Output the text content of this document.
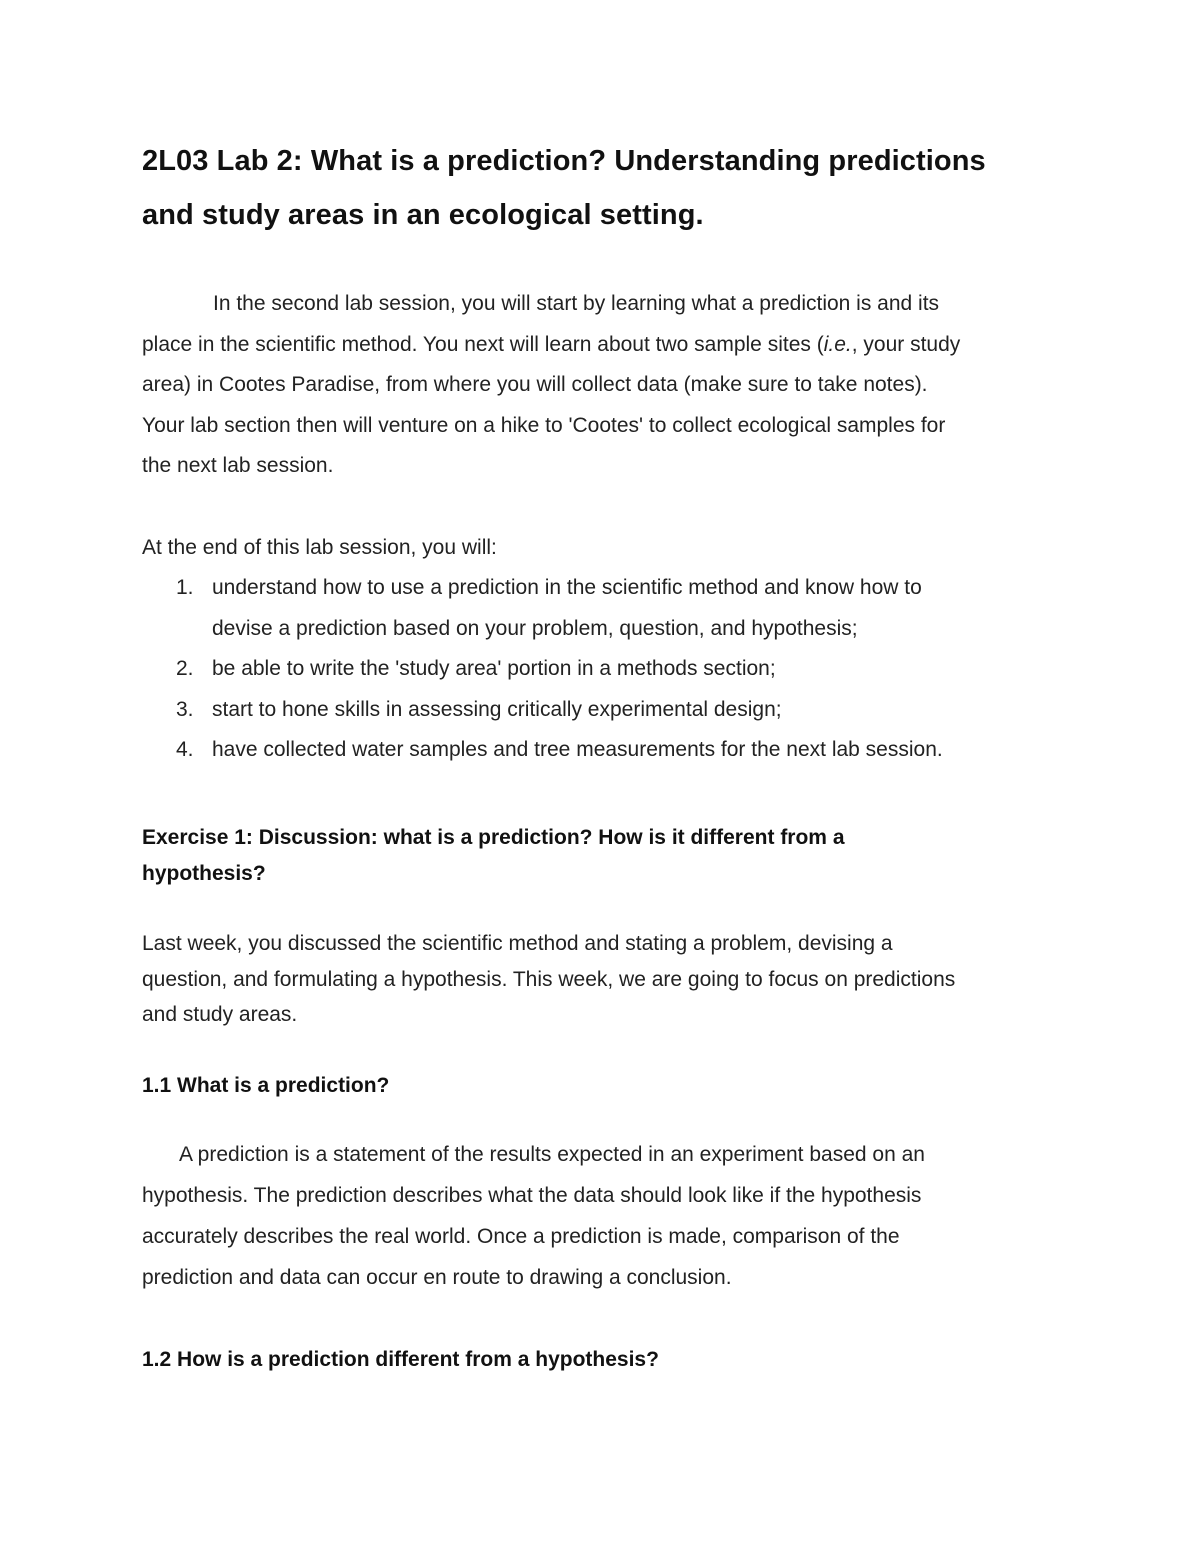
2L03 Lab 2: What is a prediction? Understanding predictions
and study areas in an ecological setting.

In the second lab session, you will start by learning what a prediction is and its
place in the scientific method. You next will learn about two sample sites (i.e., your study
area) in Cootes Paradise, from where you will collect data (make sure to take notes).
Your lab section then will venture on a hike to 'Cootes' to collect ecological samples for
the next lab session.

At the end of this lab session, you will:

1. understand how to use a prediction in the scientific method and know how to
devise a prediction based on your problem, question, and hypothesis;
2. be able to write the 'study area' portion in a methods section;
3. start to hone skills in assessing critically experimental design;
4. have collected water samples and tree measurements for the next lab session.
Exercise 1: Discussion: what is a prediction? How is it different from a
hypothesis?

Last week, you discussed the scientific method and stating a problem, devising a
question, and formulating a hypothesis. This week, we are going to focus on predictions
and study areas.

1.1 What is a prediction?

A prediction is a statement of the results expected in an experiment based on an
hypothesis. The prediction describes what the data should look like if the hypothesis
accurately describes the real world. Once a prediction is made, comparison of the
prediction and data can occur en route to drawing a conclusion.

1.2 How is a prediction different from a hypothesis?
